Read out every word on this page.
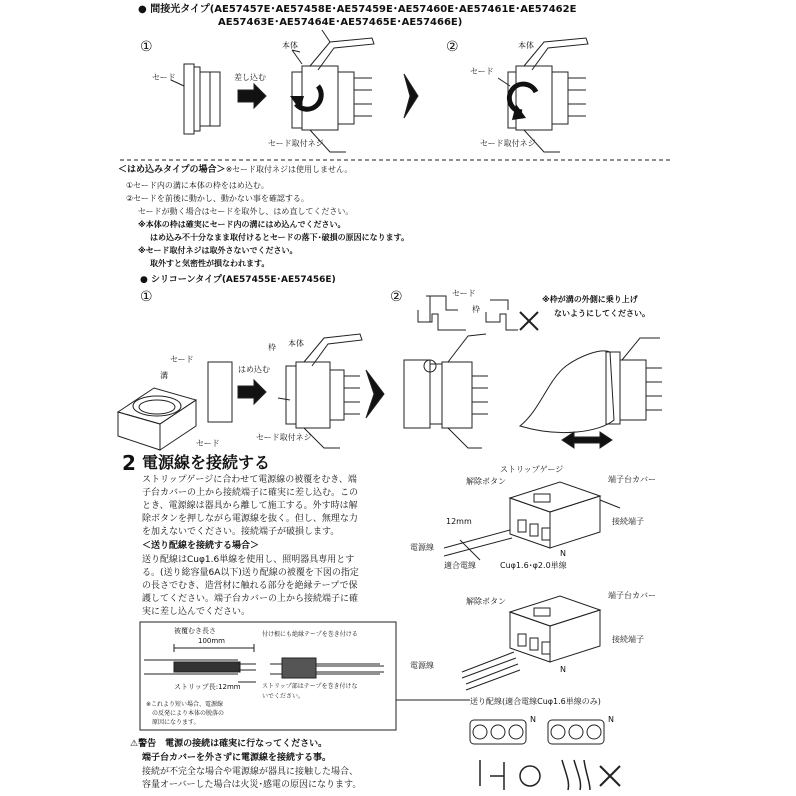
● 間接光タイプ(AE57457E･AE57458E･AE57459E･AE57460E･AE57461E･AE57462E
AE57463E･AE57464E･AE57465E･AE57466E)
①
セード
本体
差し込む
セード取付ネジ
②
セード
本体
セード取付ネジ
＜はめ込みタイプの場合＞※セード取付ネジは使用しません。
①セード内の溝に本体の枠をはめ込む。
②セードを前後に動かし、動かない事を確認する。
セードが動く場合はセードを取外し、はめ直してください。
※本体の枠は確実にセード内の溝にはめ込んでください。
はめ込み不十分なまま取付けるとセードの落下･破損の原因になります。
※セード取付ネジは取外さないでください。
取外すと気密性が損なわれます。
● シリコーンタイプ(AE57455E･AE57456E)
①	②	セード
枠
※枠が溝の外側に乗り上げ
ないようにしてください。
セード
溝
セード
枠 本体
はめ込む
セード取付ネジ
2 電源線を接続する
ストリップゲージに合わせて電源線の被覆をむき、端
子台カバーの上から接続端子に確実に差し込む。この
とき、電源線は器具から離して施工する。外す時は解
除ボタンを押しながら電源線を抜く。但し、無理な力
を加えないでください。接続端子が破損します。
＜送り配線を接続する場合＞
送り配線はCuφ1.6単線を使用し、照明器具専用とす
る。(送り総容量6A以下)送り配線の被覆を下図の指定
の長さでむき、造営材に触れる部分を絶縁テープで保
護してください。端子台カバーの上から接続端子に確
実に差し込んでください。
ストリップゲージ
解除ボタン	端子台カバー
接続端子
12mm
電源線
N
適合電線	Cuφ1.6･φ2.0単線
解除ボタン
端子台カバー
接続端子
N
電源線
送り配線(適合電線Cuφ1.6単線のみ)
N	N
被覆むき長さ
100mm
ストリップ長:12mm
付け根にも絶縁テープを巻き付ける
ストリップ部はテープを巻き付けな
いでください。
※これより短い場合、電源線
の反発により本体の脱落の
原因になります。
⚠警告　電源の接続は確実に行なってください。
端子台カバーを外さずに電源線を接続する事。
接続が不完全な場合や電源線が器具に接触した場合、
容量オーバーした場合は火災･感電の原因になります。
